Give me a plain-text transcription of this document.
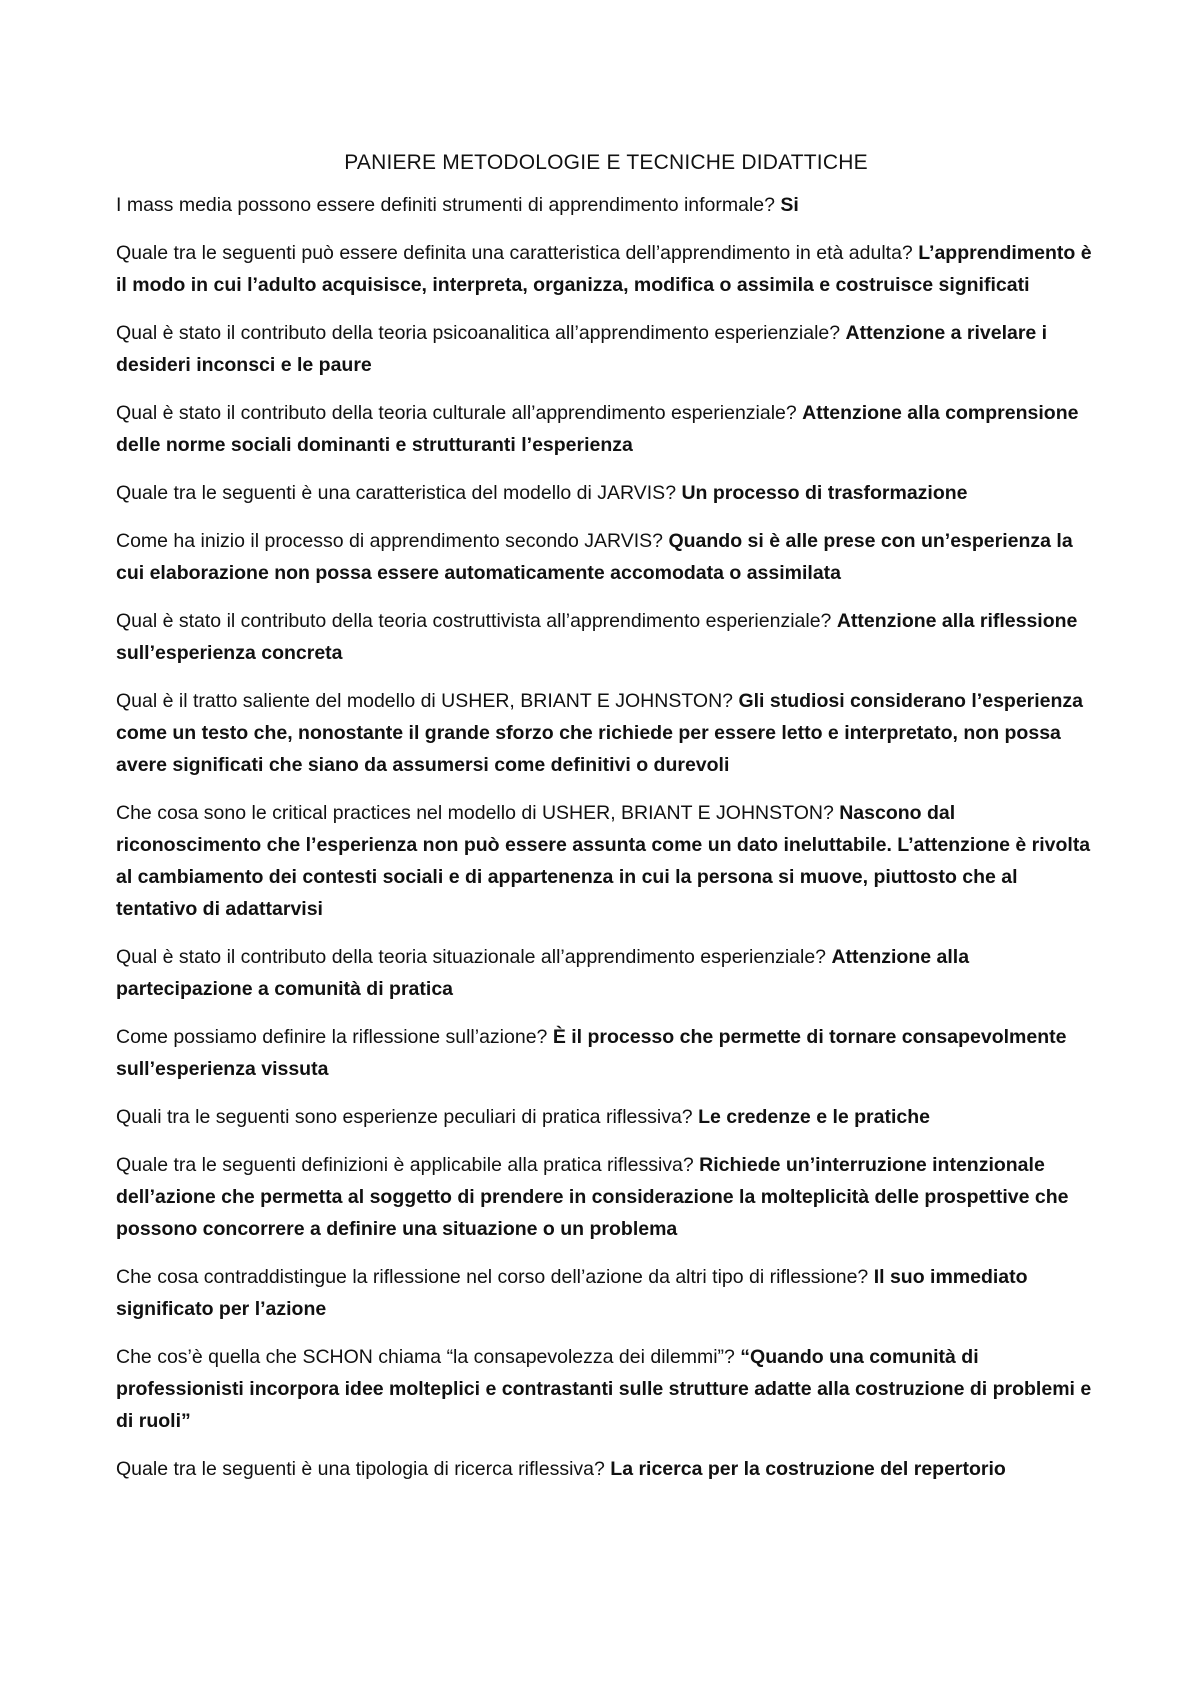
PANIERE METODOLOGIE E TECNICHE DIDATTICHE

I mass media possono essere definiti strumenti di apprendimento informale? Si

Quale tra le seguenti può essere definita una caratteristica dell’apprendimento in età adulta? L’apprendimento è il modo in cui l’adulto acquisisce, interpreta, organizza, modifica o assimila e costruisce significati

Qual è stato il contributo della teoria psicoanalitica all’apprendimento esperienziale? Attenzione a rivelare i desideri inconsci e le paure

Qual è stato il contributo della teoria culturale all’apprendimento esperienziale? Attenzione alla comprensione delle norme sociali dominanti e strutturanti l’esperienza

Quale tra le seguenti è una caratteristica del modello di JARVIS? Un processo di trasformazione

Come ha inizio il processo di apprendimento secondo JARVIS? Quando si è alle prese con un’esperienza la cui elaborazione non possa essere automaticamente accomodata o assimilata

Qual è stato il contributo della teoria costruttivista all’apprendimento esperienziale? Attenzione alla riflessione sull’esperienza concreta

Qual è il tratto saliente del modello di USHER, BRIANT E JOHNSTON? Gli studiosi considerano l’esperienza come un testo che, nonostante il grande sforzo che richiede per essere letto e interpretato, non possa avere significati che siano da assumersi come definitivi o durevoli

Che cosa sono le critical practices nel modello di USHER, BRIANT E JOHNSTON? Nascono dal riconoscimento che l’esperienza non può essere assunta come un dato ineluttabile. L’attenzione è rivolta al cambiamento dei contesti sociali e di appartenenza in cui la persona si muove, piuttosto che al tentativo di adattarvisi

Qual è stato il contributo della teoria situazionale all’apprendimento esperienziale? Attenzione alla partecipazione a comunità di pratica

Come possiamo definire la riflessione sull’azione? È il processo che permette di tornare consapevolmente sull’esperienza vissuta

Quali tra le seguenti sono esperienze peculiari di pratica riflessiva? Le credenze e le pratiche

Quale tra le seguenti definizioni è applicabile alla pratica riflessiva? Richiede un’interruzione intenzionale dell’azione che permetta al soggetto di prendere in considerazione la molteplicità delle prospettive che possono concorrere a definire una situazione o un problema

Che cosa contraddistingue la riflessione nel corso dell’azione da altri tipo di riflessione? Il suo immediato significato per l’azione

Che cos’è quella che SCHON chiama “la consapevolezza dei dilemmi”? “Quando una comunità di professionisti incorpora idee molteplici e contrastanti sulle strutture adatte alla costruzione di problemi e di ruoli”

Quale tra le seguenti è una tipologia di ricerca riflessiva? La ricerca per la costruzione del repertorio
